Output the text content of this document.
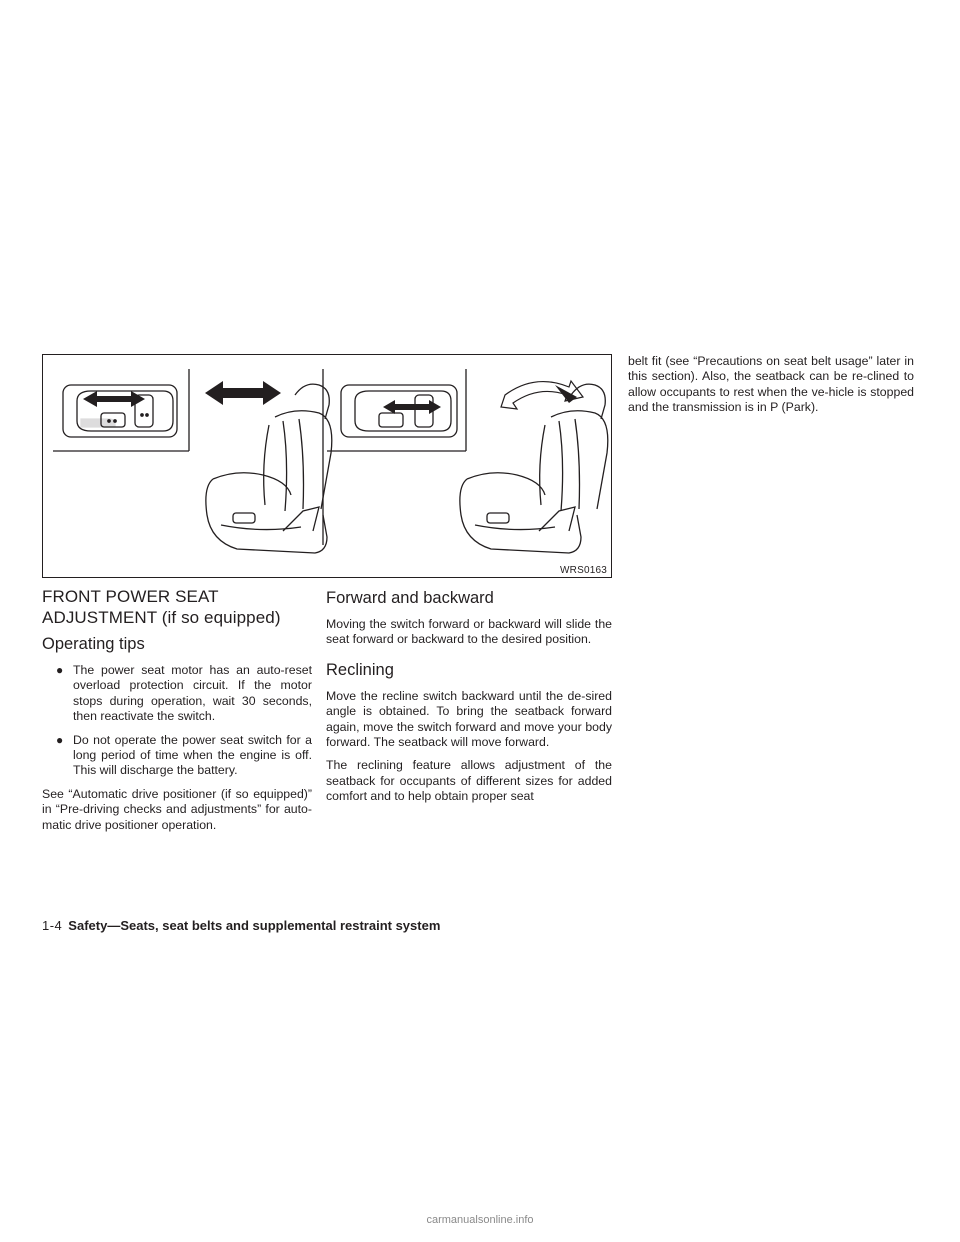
WRS0163
FRONT POWER SEAT ADJUSTMENT (if so equipped)
Operating tips
● The power seat motor has an auto-reset overload protection circuit. If the motor stops during operation, wait 30 seconds, then reactivate the switch.
● Do not operate the power seat switch for a long period of time when the engine is off. This will discharge the battery.

See “Automatic drive positioner (if so equipped)” in “Pre-driving checks and adjustments” for auto-matic drive positioner operation.

Forward and backward

Moving the switch forward or backward will slide the seat forward or backward to the desired position.

Reclining

Move the recline switch backward until the de-sired angle is obtained. To bring the seatback forward again, move the switch forward and move your body forward. The seatback will move forward.

The reclining feature allows adjustment of the seatback for occupants of different sizes for added comfort and to help obtain proper seat

belt fit (see “Precautions on seat belt usage” later in this section). Also, the seatback can be re-clined to allow occupants to rest when the ve-hicle is stopped and the transmission is in P (Park).

1-4 Safety—Seats, seat belts and supplemental restraint system
carmanualsonline.info
